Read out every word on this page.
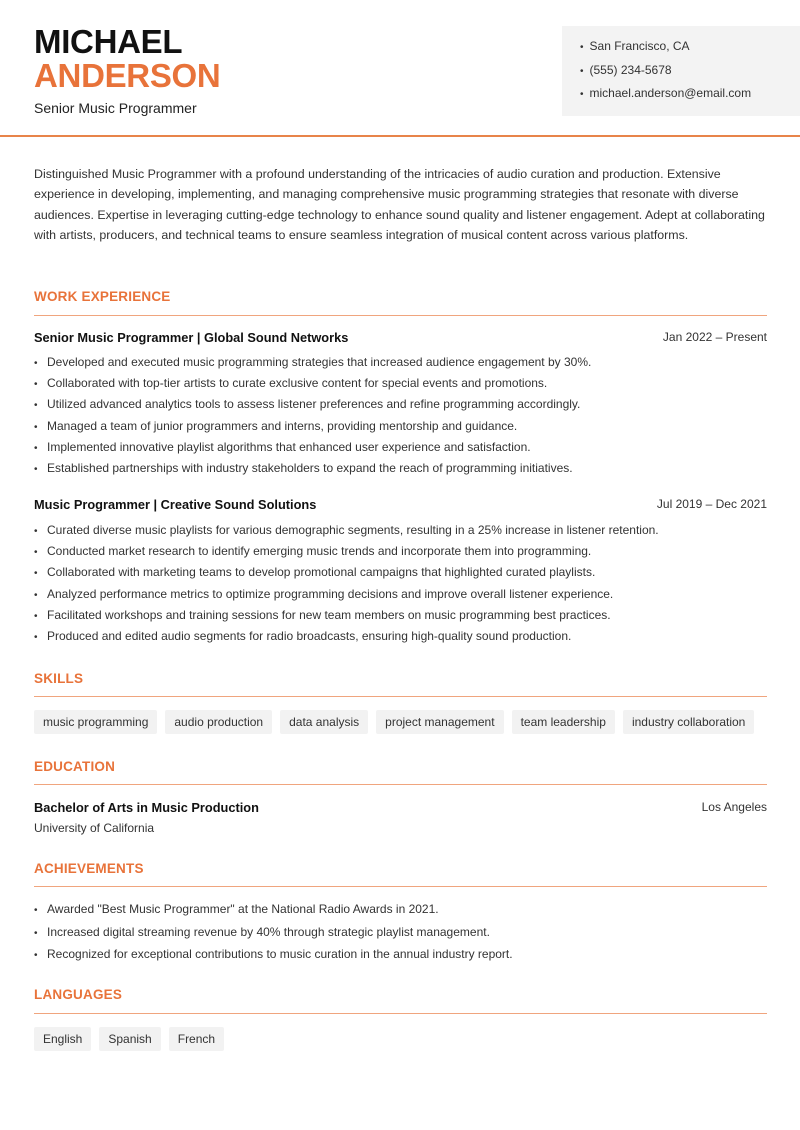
MICHAEL
ANDERSON
Senior Music Programmer
• San Francisco, CA
• (555) 234-5678
• michael.anderson@email.com

Distinguished Music Programmer with a profound understanding of the intricacies of audio curation and production. Extensive experience in developing, implementing, and managing comprehensive music programming strategies that resonate with diverse audiences. Expertise in leveraging cutting-edge technology to enhance sound quality and listener engagement. Adept at collaborating with artists, producers, and technical teams to ensure seamless integration of musical content across various platforms.

WORK EXPERIENCE
Senior Music Programmer | Global Sound Networks	Jan 2022 – Present
• Developed and executed music programming strategies that increased audience engagement by 30%.
• Collaborated with top-tier artists to curate exclusive content for special events and promotions.
• Utilized advanced analytics tools to assess listener preferences and refine programming accordingly.
• Managed a team of junior programmers and interns, providing mentorship and guidance.
• Implemented innovative playlist algorithms that enhanced user experience and satisfaction.
• Established partnerships with industry stakeholders to expand the reach of programming initiatives.
Music Programmer | Creative Sound Solutions	Jul 2019 – Dec 2021
• Curated diverse music playlists for various demographic segments, resulting in a 25% increase in listener retention.
• Conducted market research to identify emerging music trends and incorporate them into programming.
• Collaborated with marketing teams to develop promotional campaigns that highlighted curated playlists.
• Analyzed performance metrics to optimize programming decisions and improve overall listener experience.
• Facilitated workshops and training sessions for new team members on music programming best practices.
• Produced and edited audio segments for radio broadcasts, ensuring high-quality sound production.
SKILLS
music programming	audio production	data analysis	project management	team leadership	industry collaboration
EDUCATION
Bachelor of Arts in Music Production	Los Angeles
University of California
ACHIEVEMENTS
• Awarded "Best Music Programmer" at the National Radio Awards in 2021.
• Increased digital streaming revenue by 40% through strategic playlist management.
• Recognized for exceptional contributions to music curation in the annual industry report.
LANGUAGES
English	Spanish	French
